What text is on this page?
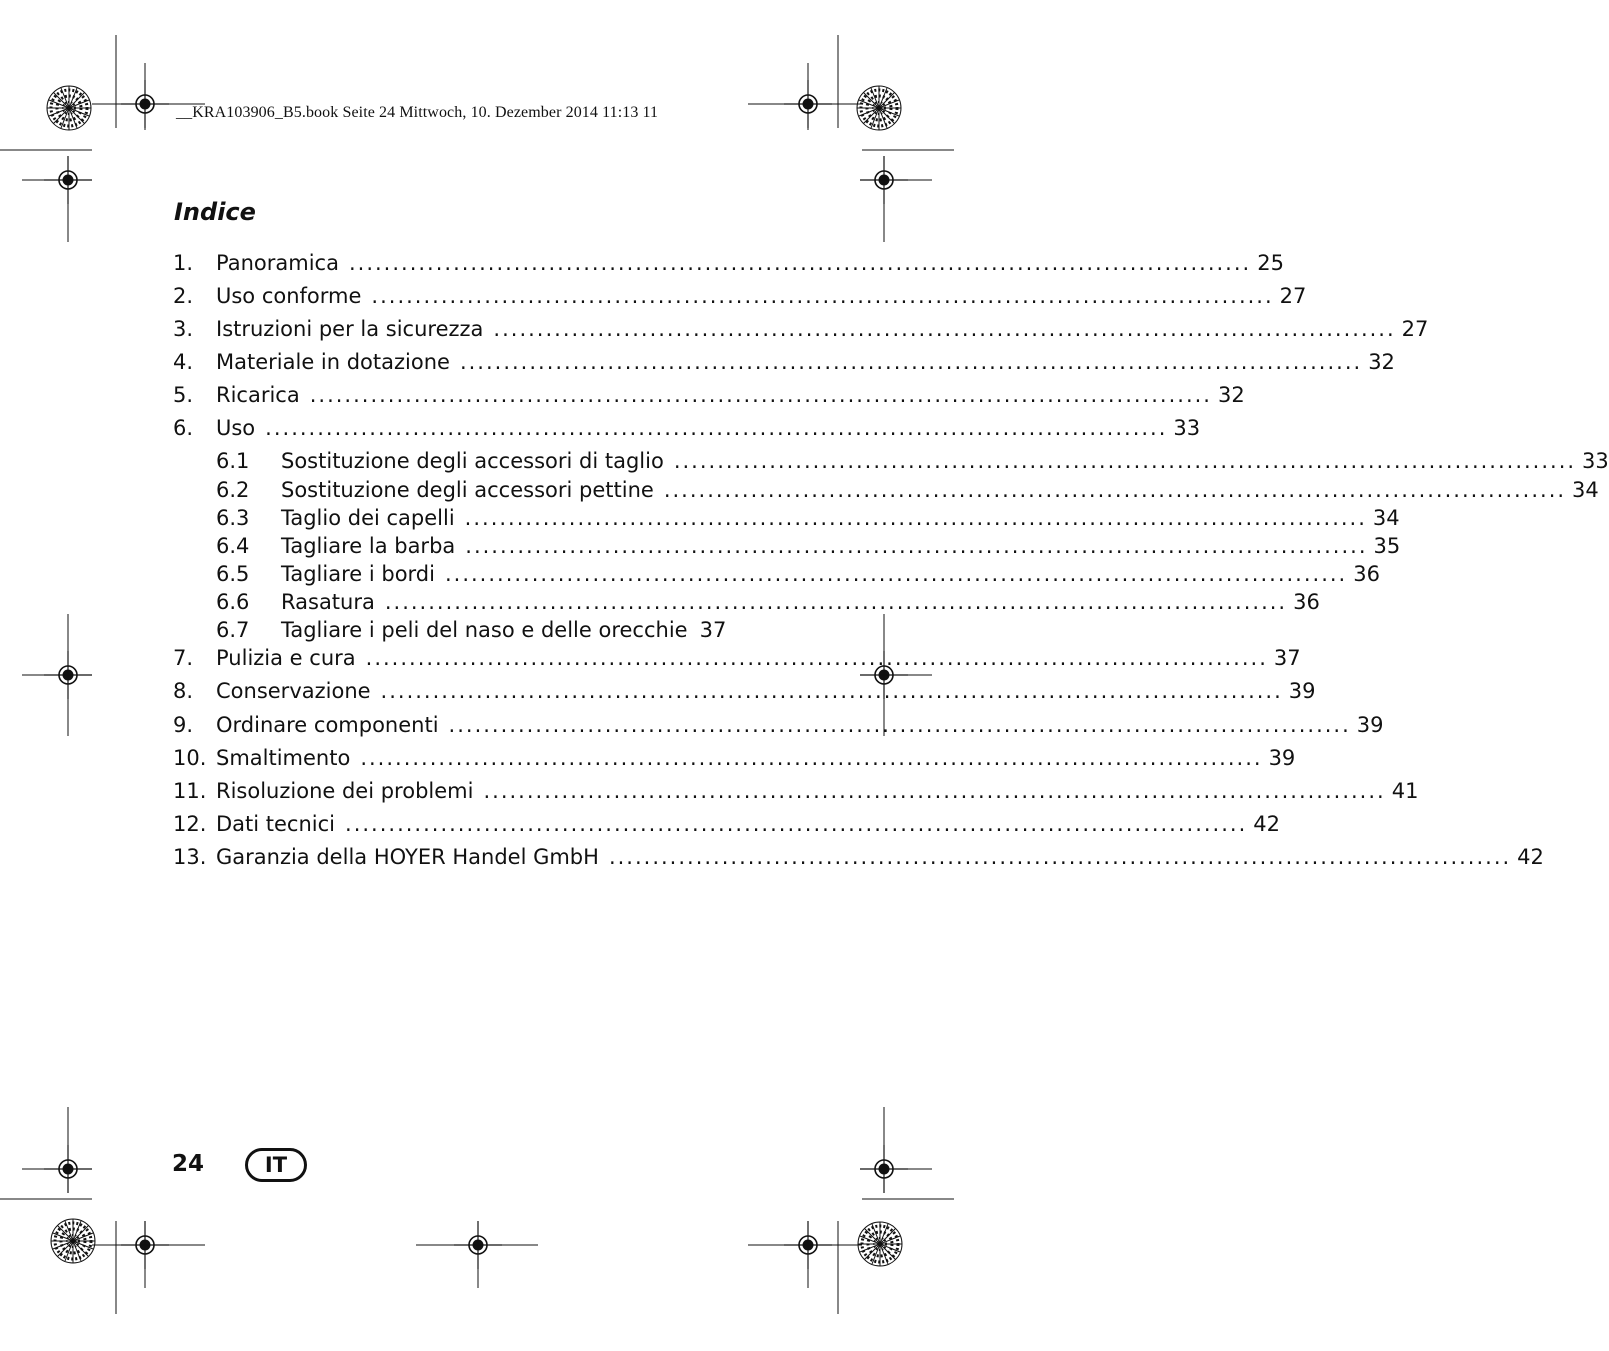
__KRA103906_B5.book Seite 24 Mittwoch, 10. Dezember 2014 11:13 11
Indice
1.	Panoramica ........................................................................................................ 25
2.	Uso conforme ........................................................................................................ 27
3.	Istruzioni per la sicurezza ........................................................................................................ 27
4.	Materiale in dotazione ........................................................................................................ 32
5.	Ricarica ........................................................................................................ 32
6.	Uso ........................................................................................................ 33
6.1	Sostituzione degli accessori di taglio ........................................................................................................ 33
6.2	Sostituzione degli accessori pettine ........................................................................................................ 34
6.3	Taglio dei capelli ........................................................................................................ 34
6.4	Tagliare la barba ........................................................................................................ 35
6.5	Tagliare i bordi ........................................................................................................ 36
6.6	Rasatura ........................................................................................................ 36
6.7	Tagliare i peli del naso e delle orecchie 37
7.	Pulizia e cura ........................................................................................................ 37
8.	Conservazione ........................................................................................................ 39
9.	Ordinare componenti ........................................................................................................ 39
10. Smaltimento ........................................................................................................ 39
11. Risoluzione dei problemi ........................................................................................................ 41
12. Dati tecnici ........................................................................................................ 42
13. Garanzia della HOYER Handel GmbH ........................................................................................................ 42
24	IT
